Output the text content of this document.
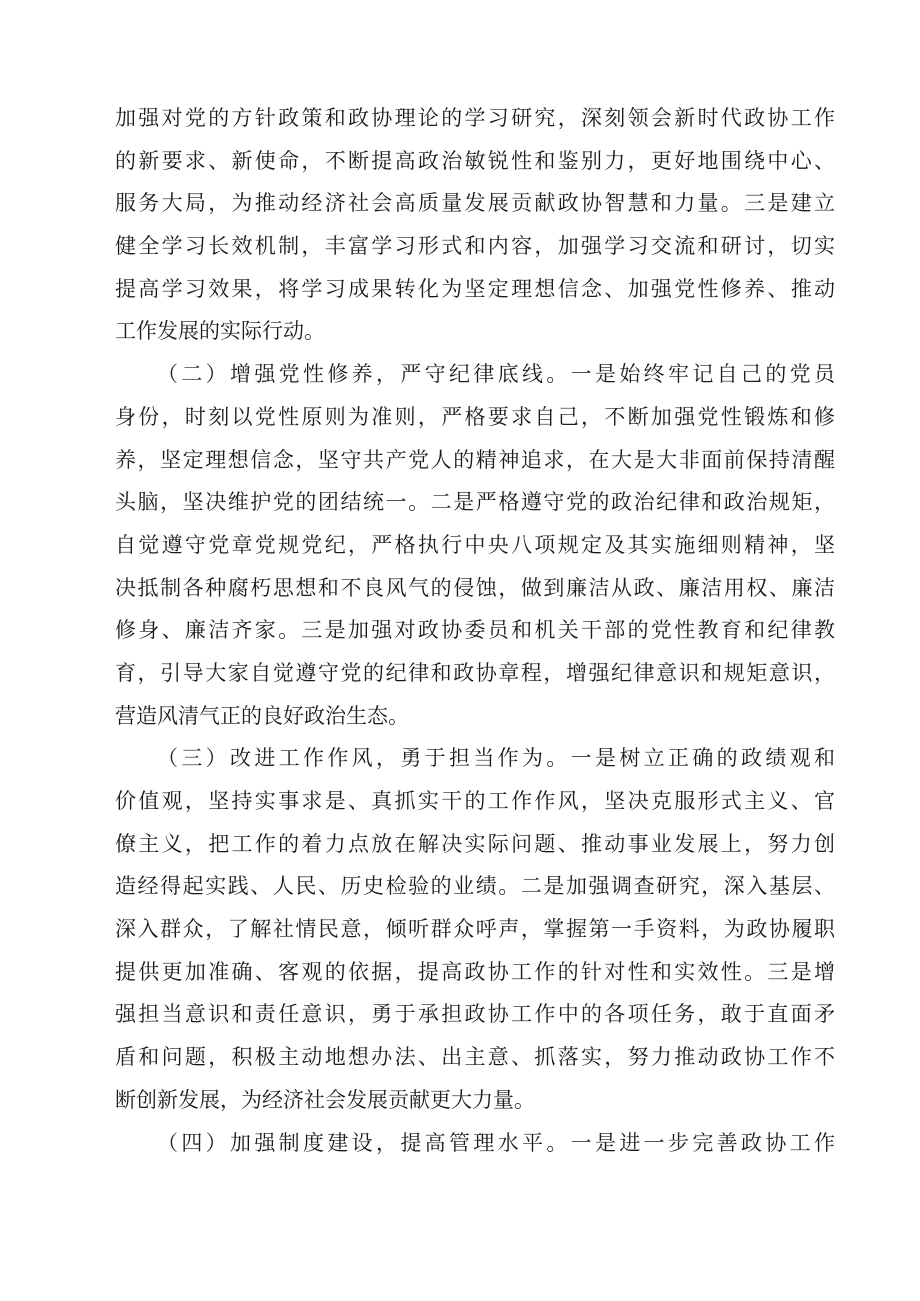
加强对党的方针政策和政协理论的学习研究，深刻领会新时代政协工作
的新要求、新使命，不断提高政治敏锐性和鉴别力，更好地围绕中心、
服务大局，为推动经济社会高质量发展贡献政协智慧和力量。三是建立
健全学习长效机制，丰富学习形式和内容，加强学习交流和研讨，切实
提高学习效果，将学习成果转化为坚定理想信念、加强党性修养、推动
工作发展的实际行动。
（二）增强党性修养，严守纪律底线。一是始终牢记自己的党员
身份，时刻以党性原则为准则，严格要求自己，不断加强党性锻炼和修
养，坚定理想信念，坚守共产党人的精神追求，在大是大非面前保持清醒
头脑，坚决维护党的团结统一。二是严格遵守党的政治纪律和政治规矩，
自觉遵守党章党规党纪，严格执行中央八项规定及其实施细则精神，坚
决抵制各种腐朽思想和不良风气的侵蚀，做到廉洁从政、廉洁用权、廉洁
修身、廉洁齐家。三是加强对政协委员和机关干部的党性教育和纪律教
育，引导大家自觉遵守党的纪律和政协章程，增强纪律意识和规矩意识，
营造风清气正的良好政治生态。
（三）改进工作作风，勇于担当作为。一是树立正确的政绩观和
价值观，坚持实事求是、真抓实干的工作作风，坚决克服形式主义、官
僚主义，把工作的着力点放在解决实际问题、推动事业发展上，努力创
造经得起实践、人民、历史检验的业绩。二是加强调查研究，深入基层、
深入群众，了解社情民意，倾听群众呼声，掌握第一手资料，为政协履职
提供更加准确、客观的依据，提高政协工作的针对性和实效性。三是增
强担当意识和责任意识，勇于承担政协工作中的各项任务，敢于直面矛
盾和问题，积极主动地想办法、出主意、抓落实，努力推动政协工作不
断创新发展，为经济社会发展贡献更大力量。
（四）加强制度建设，提高管理水平。一是进一步完善政协工作
